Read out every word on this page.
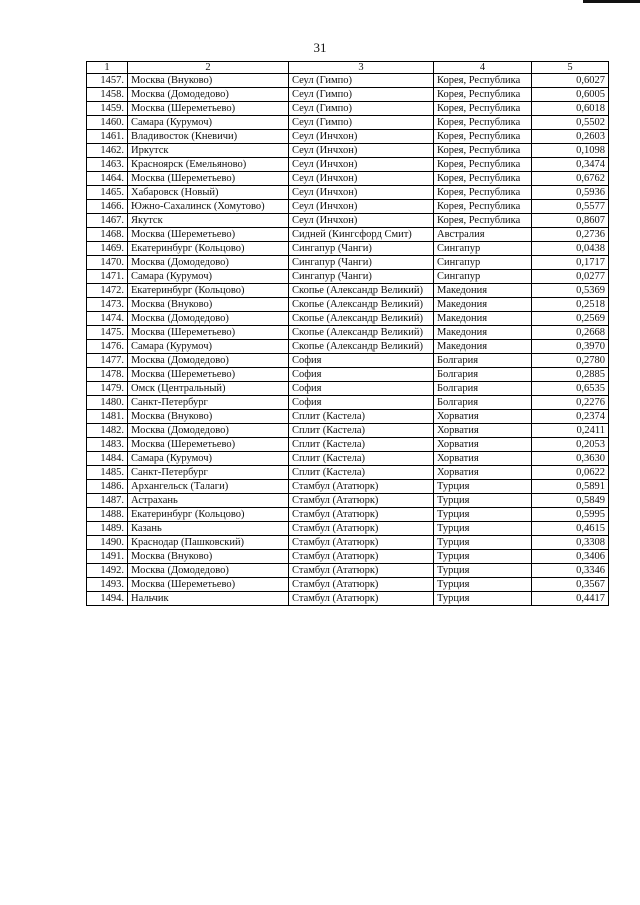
31
1	2	3	4	5
1457.	Москва (Внуково)	Сеул (Гимпо)	Корея, Республика	0,6027
1458.	Москва (Домодедово)	Сеул (Гимпо)	Корея, Республика	0,6005
1459.	Москва (Шереметьево)	Сеул (Гимпо)	Корея, Республика	0,6018
1460.	Самара (Курумоч)	Сеул (Гимпо)	Корея, Республика	0,5502
1461.	Владивосток (Кневичи)	Сеул (Инчхон)	Корея, Республика	0,2603
1462.	Иркутск	Сеул (Инчхон)	Корея, Республика	0,1098
1463.	Красноярск (Емельяново)	Сеул (Инчхон)	Корея, Республика	0,3474
1464.	Москва (Шереметьево)	Сеул (Инчхон)	Корея, Республика	0,6762
1465.	Хабаровск (Новый)	Сеул (Инчхон)	Корея, Республика	0,5936
1466.	Южно-Сахалинск (Хомутово)	Сеул (Инчхон)	Корея, Республика	0,5577
1467.	Якутск	Сеул (Инчхон)	Корея, Республика	0,8607
1468.	Москва (Шереметьево)	Сидней (Кингсфорд Смит)	Австралия	0,2736
1469.	Екатеринбург (Кольцово)	Сингапур (Чанги)	Сингапур	0,0438
1470.	Москва (Домодедово)	Сингапур (Чанги)	Сингапур	0,1717
1471.	Самара (Курумоч)	Сингапур (Чанги)	Сингапур	0,0277
1472.	Екатеринбург (Кольцово)	Скопье (Александр Великий)	Македония	0,5369
1473.	Москва (Внуково)	Скопье (Александр Великий)	Македония	0,2518
1474.	Москва (Домодедово)	Скопье (Александр Великий)	Македония	0,2569
1475.	Москва (Шереметьево)	Скопье (Александр Великий)	Македония	0,2668
1476.	Самара (Курумоч)	Скопье (Александр Великий)	Македония	0,3970
1477.	Москва (Домодедово)	София	Болгария	0,2780
1478.	Москва (Шереметьево)	София	Болгария	0,2885
1479.	Омск (Центральный)	София	Болгария	0,6535
1480.	Санкт-Петербург	София	Болгария	0,2276
1481.	Москва (Внуково)	Сплит (Кастела)	Хорватия	0,2374
1482.	Москва (Домодедово)	Сплит (Кастела)	Хорватия	0,2411
1483.	Москва (Шереметьево)	Сплит (Кастела)	Хорватия	0,2053
1484.	Самара (Курумоч)	Сплит (Кастела)	Хорватия	0,3630
1485.	Санкт-Петербург	Сплит (Кастела)	Хорватия	0,0622
1486.	Архангельск (Талаги)	Стамбул (Ататюрк)	Турция	0,5891
1487.	Астрахань	Стамбул (Ататюрк)	Турция	0,5849
1488.	Екатеринбург (Кольцово)	Стамбул (Ататюрк)	Турция	0,5995
1489.	Казань	Стамбул (Ататюрк)	Турция	0,4615
1490.	Краснодар (Пашковский)	Стамбул (Ататюрк)	Турция	0,3308
1491.	Москва (Внуково)	Стамбул (Ататюрк)	Турция	0,3406
1492.	Москва (Домодедово)	Стамбул (Ататюрк)	Турция	0,3346
1493.	Москва (Шереметьево)	Стамбул (Ататюрк)	Турция	0,3567
1494.	Нальчик	Стамбул (Ататюрк)	Турция	0,4417
